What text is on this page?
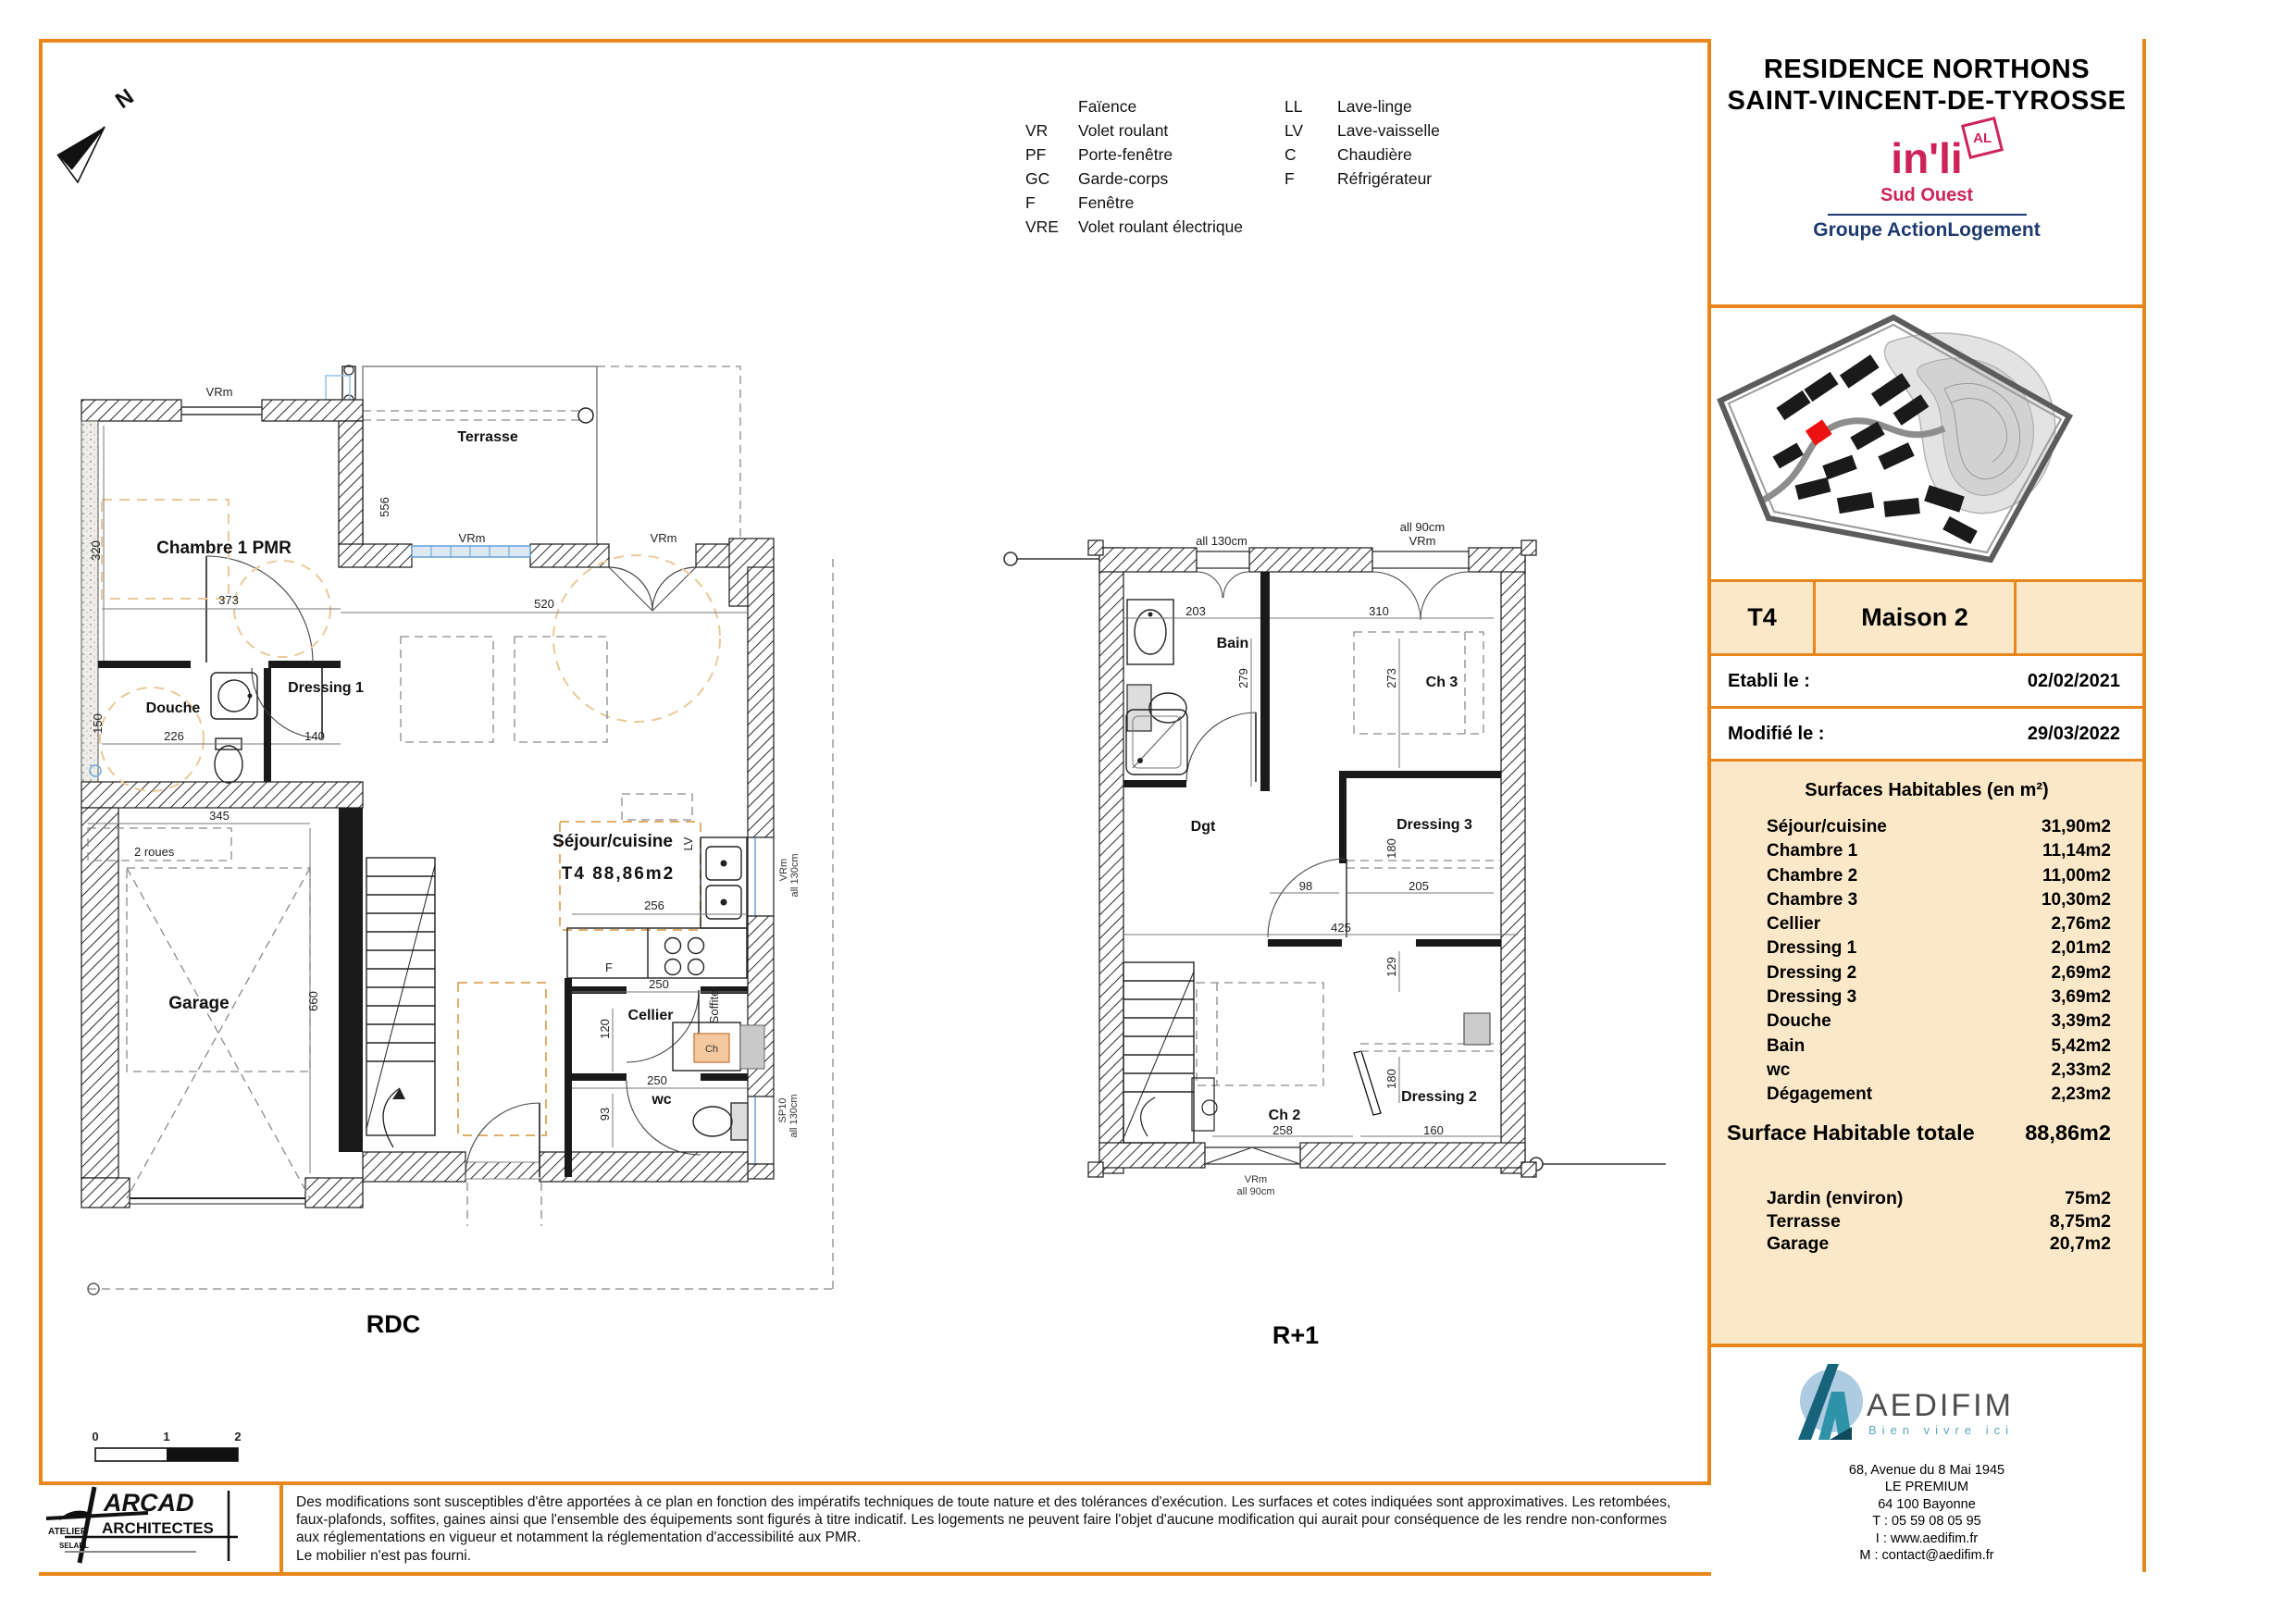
N
VRm
Terrasse
VRm	VRm
Chambre 1 PMR
320
373	520
556
Douche
150
226
Dressing 1
140
345
2 roues
Garage	660
Séjour/cuisine
T4 88,86m2
LV
256
F
250
Cellier
120
Soffite
Ch
250
wc
93
VRm all 130cm
SP10 all 130cm
RDC
all 130cm
all 90cm
VRm
203	310
Bain
279	273 Ch 3
Dgt	Dressing 3
180
98	205
425
129
Ch 2
258
Dressing 2
180
160
VRm
all 90cm
R+1
0	1	2
Faïence
VR	Volet roulant
PF	Porte-fenêtre
GC	Garde-corps
F	Fenêtre
VRE	Volet roulant électrique
LL	Lave-linge
LV	Lave-vaisselle
C	Chaudière
F	Réfrigérateur
RESIDENCE NORTHONS
SAINT-VINCENT-DE-TYROSSE
in'li AL
Sud Ouest
Groupe ActionLogement
T4	Maison 2
Etabli le :	02/02/2021
Modifié le :	29/03/2022
Surfaces Habitables (en m²)
Séjour/cuisine	31,90m2
Chambre 1	11,14m2
Chambre 2	11,00m2
Chambre 3	10,30m2
Cellier	2,76m2
Dressing 1	2,01m2
Dressing 2	2,69m2
Dressing 3	3,69m2
Douche	3,39m2
Bain	5,42m2
wc	2,33m2
Dégagement	2,23m2
Surface Habitable totale 88,86m2
Jardin (environ)	75m2
Terrasse	8,75m2
Garage	20,7m2
AEDIFIM
Bien vivre ici
68, Avenue du 8 Mai 1945
LE PREMIUM
64 100 Bayonne
T : 05 59 08 05 95
I : www.aedifim.fr
M : contact@aedifim.fr
ARCAD
ARCHITECTES
ATELIER
SELARL
Des modifications sont susceptibles d'être apportées à ce plan en fonction des impératifs techniques de toute nature et des tolérances d'exécution. Les surfaces et cotes indiquées sont approximatives. Les retombées,
faux-plafonds, soffites, gaines ainsi que l'ensemble des équipements sont figurés à titre indicatif. Les logements ne peuvent faire l'objet d'aucune modification qui aurait pour conséquence de les rendre non-conformes
aux réglementations en vigueur et notamment la réglementation d'accessibilité aux PMR.
Le mobilier n'est pas fourni.
